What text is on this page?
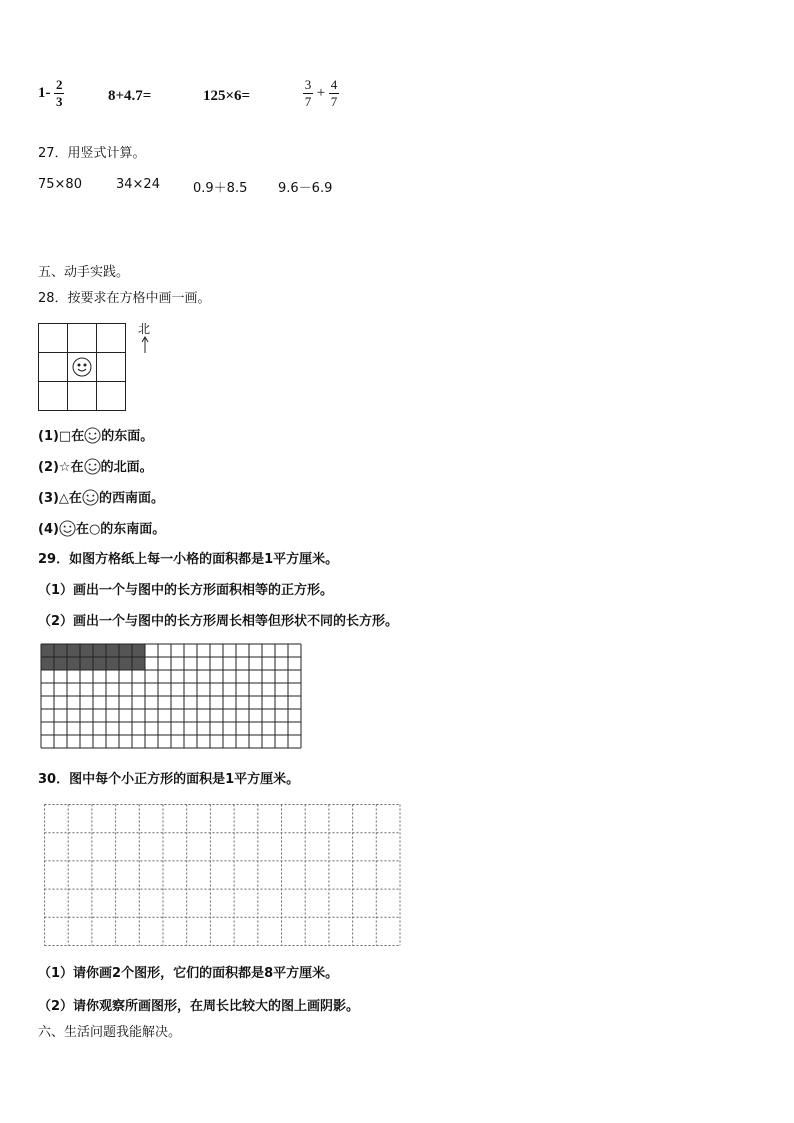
$1- \frac{2}{3}$	8+4.7=	125×6=	$\frac{3}{7} + \frac{4}{7}$
27．用竖式计算。
75×80	34×24	0.9＋8.5 9.6－6.9
五、动手实践。
28．按要求在方格中画一画。
北
(1)□在 的东面。
(2)☆在 的北面。
(3)△在 的西南面。
(4) 在○的东南面。
29．如图方格纸上每一小格的面积都是1平方厘米。
（1）画出一个与图中的长方形面积相等的正方形。
（2）画出一个与图中的长方形周长相等但形状不同的长方形。
30．图中每个小正方形的面积是1平方厘米。
（1）请你画2个图形，它们的面积都是8平方厘米。
（2）请你观察所画图形，在周长比较大的图上画阴影。
六、生活问题我能解决。
